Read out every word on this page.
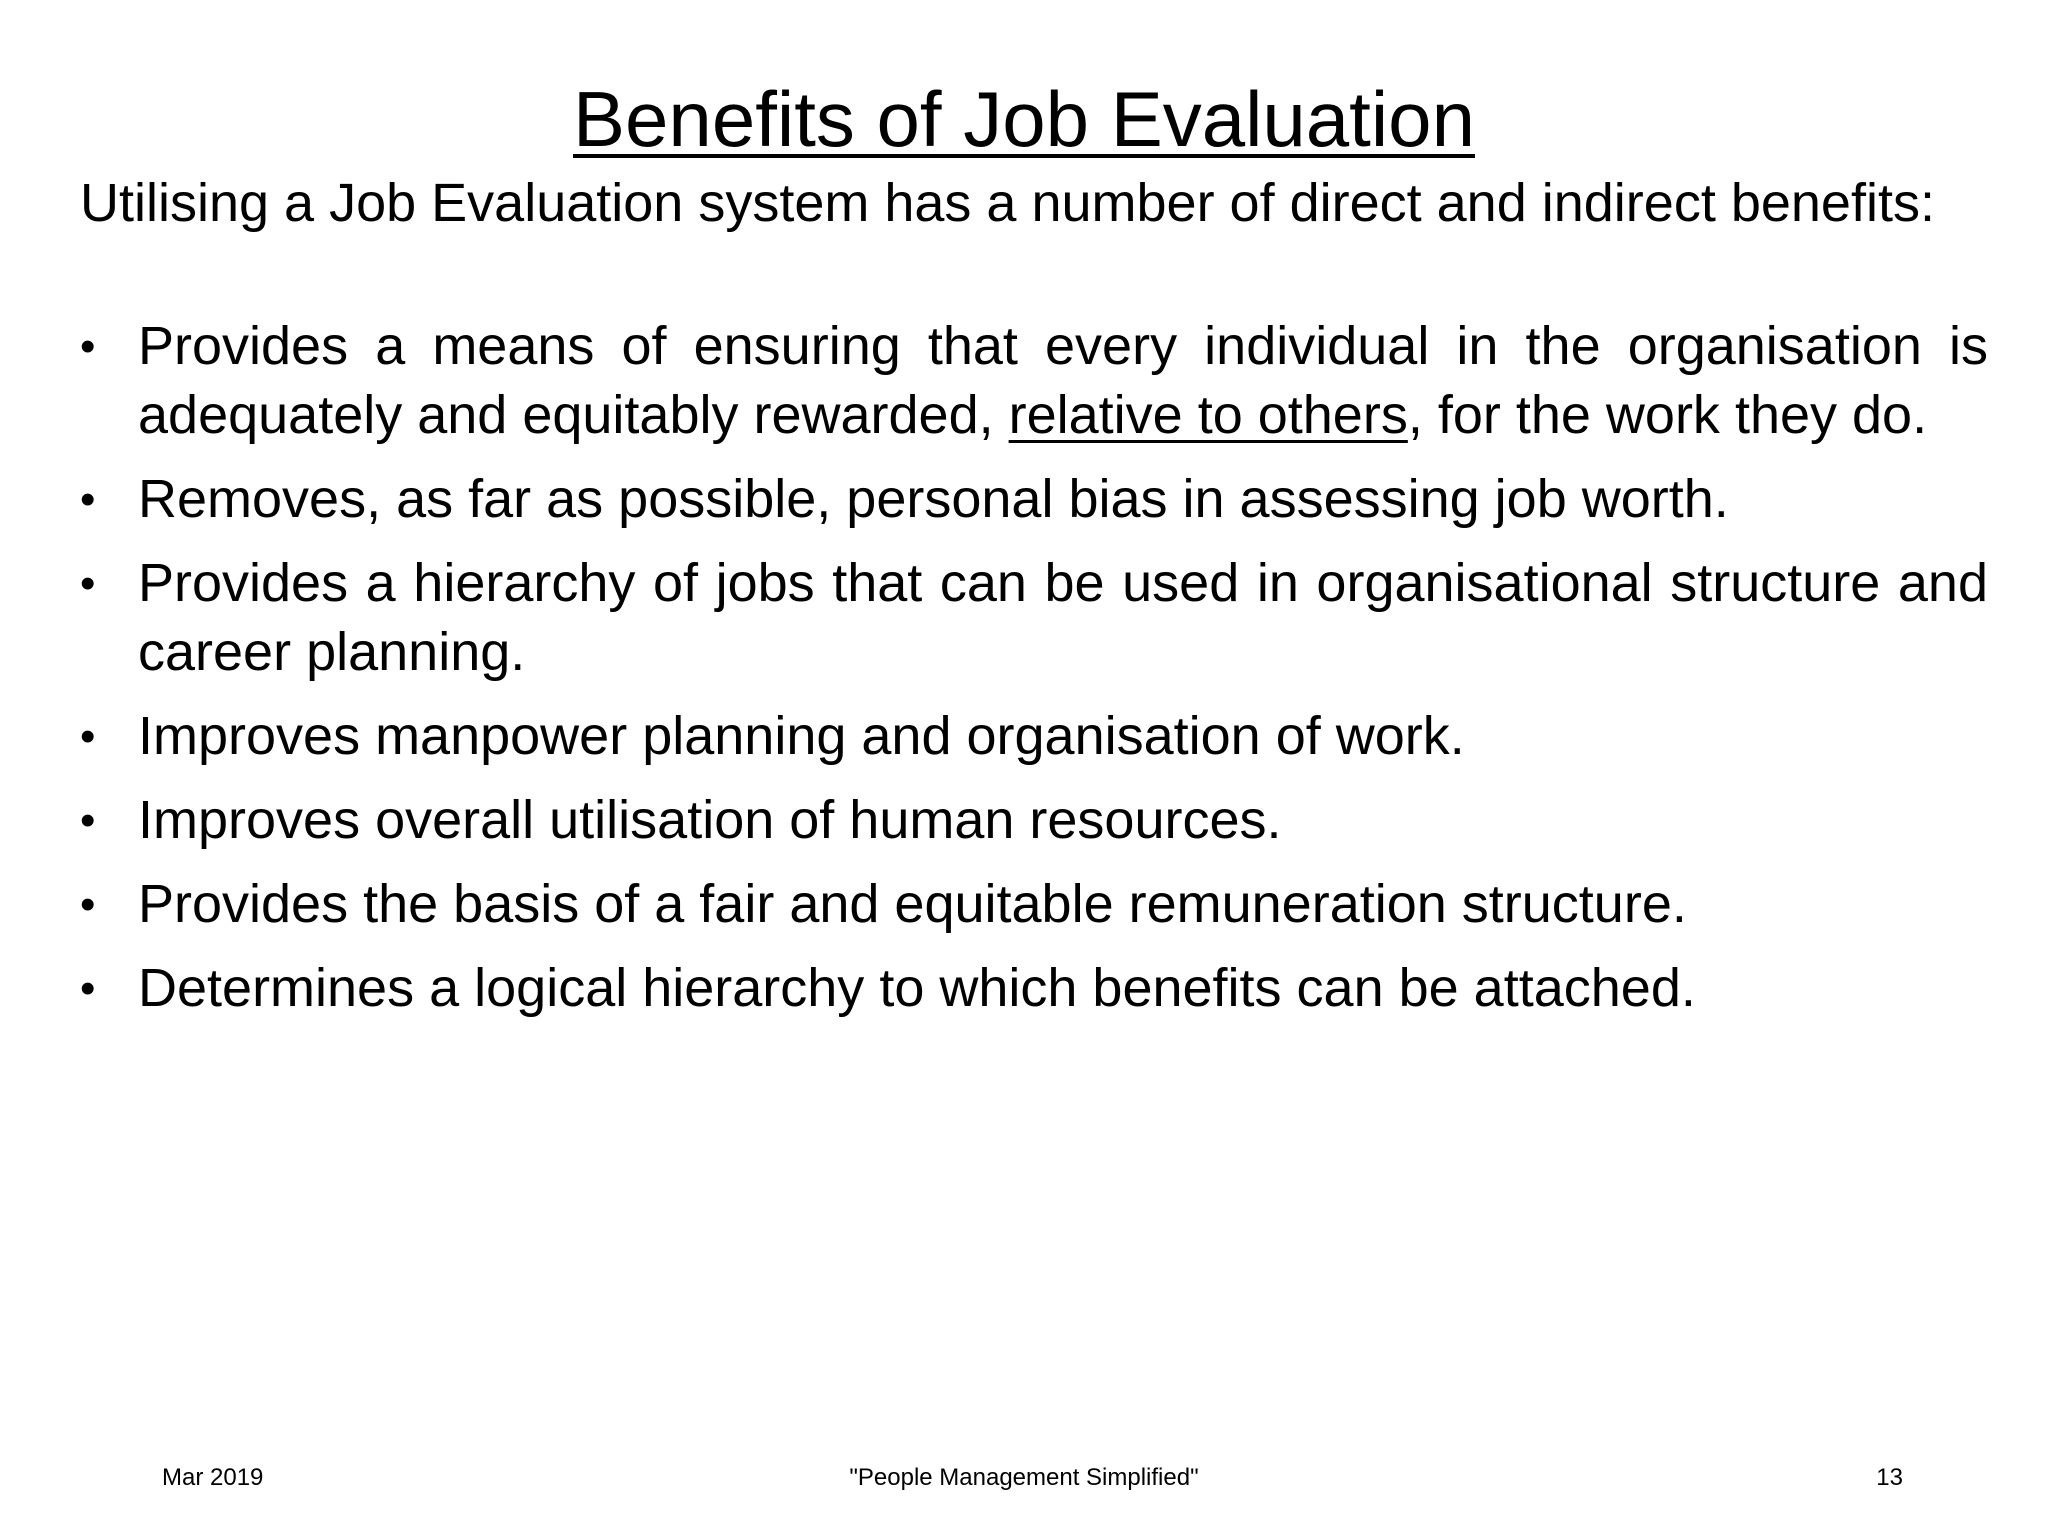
Benefits of Job Evaluation

Utilising a Job Evaluation system has a number of direct and indirect benefits:

• Provides a means of ensuring that every individual in the organisation is adequately and equitably rewarded, relative to others, for the work they do.
• Removes, as far as possible, personal bias in assessing job worth.
• Provides a hierarchy of jobs that can be used in organisational structure and career planning.
• Improves manpower planning and organisation of work.
• Improves overall utilisation of human resources.
• Provides the basis of a fair and equitable remuneration structure.
• Determines a logical hierarchy to which benefits can be attached.
Mar 2019	"People Management Simplified"	13
